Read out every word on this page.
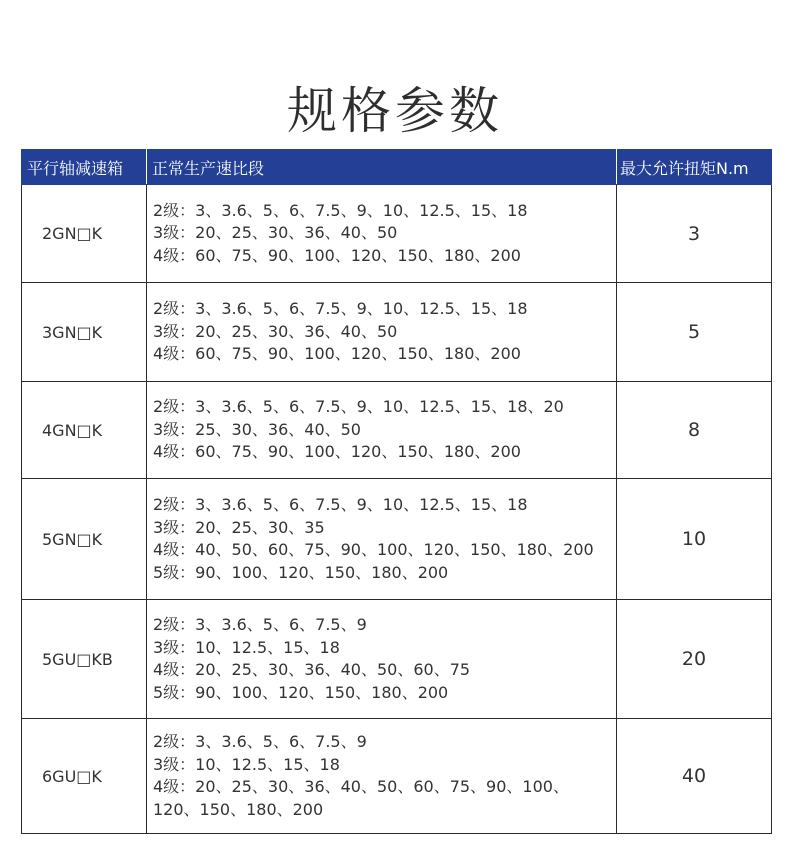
规格参数
平行轴减速箱	正常生产速比段	最大允许扭矩N.m
2GN□K	2级：3、3.6、5、6、7.5、9、10、12.5、15、18
3级：20、25、30、36、40、50
4级：60、75、90、100、120、150、180、200	3
3GN□K	2级：3、3.6、5、6、7.5、9、10、12.5、15、18
3级：20、25、30、36、40、50
4级：60、75、90、100、120、150、180、200	5
4GN□K	2级：3、3.6、5、6、7.5、9、10、12.5、15、18、20
3级：25、30、36、40、50
4级：60、75、90、100、120、150、180、200	8
5GN□K	2级：3、3.6、5、6、7.5、9、10、12.5、15、18
3级：20、25、30、35
4级：40、50、60、75、90、100、120、150、180、200
5级：90、100、120、150、180、200	10
5GU□KB	2级：3、3.6、5、6、7.5、9
3级：10、12.5、15、18
4级：20、25、30、36、40、50、60、75
5级：90、100、120、150、180、200	20
6GU□K	2级：3、3.6、5、6、7.5、9
3级：10、12.5、15、18
4级：20、25、30、36、40、50、60、75、90、100、
120、150、180、200	40
